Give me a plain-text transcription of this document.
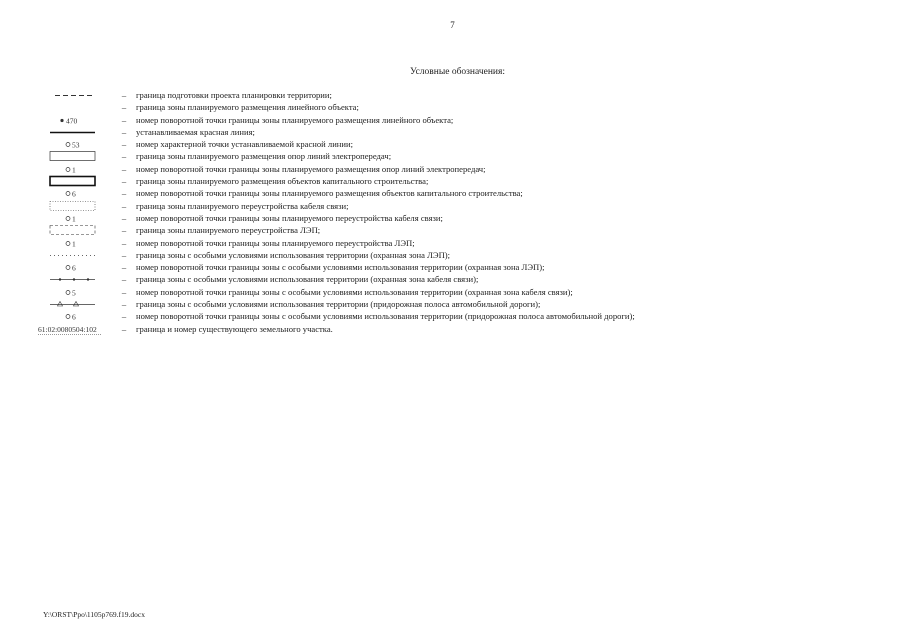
7
Условные обозначения:
– граница подготовки проекта планировки территории;
– граница зоны планируемого размещения линейного объекта;
470	– номер поворотной точки границы зоны планируемого размещения линейного объекта;
– устанавливаемая красная линия;
53	– номер характерной точки устанавливаемой красной линии;
– граница зоны планируемого размещения опор линий электропередач;
1	– номер поворотной точки границы зоны планируемого размещения опор линий электропередач;
– граница зоны планируемого размещения объектов капитального строительства;
6	– номер поворотной точки границы зоны планируемого размещения объектов капитального строительства;
– граница зоны планируемого переустройства кабеля связи;
1	– номер поворотной точки границы зоны планируемого переустройства кабеля связи;
– граница зоны планируемого переустройства ЛЭП;
1	– номер поворотной точки границы зоны планируемого переустройства ЛЭП;
– граница зоны с особыми условиями использования территории (охранная зона ЛЭП);
6	– номер поворотной точки границы зоны с особыми условиями использования территории (охранная зона ЛЭП);
– граница зоны с особыми условиями использования территории (охранная зона кабеля связи);
5	– номер поворотной точки границы зоны с особыми условиями использования территории (охранная зона кабеля связи);
– граница зоны с особыми условиями использования территории (придорожная полоса автомобильной дороги);
6	– номер поворотной точки границы зоны с особыми условиями использования территории (придорожная полоса автомобильной дороги);
61:02:0080504:102	– граница и номер существующего земельного участка.
Y:\ORST\Ppo\1105p769.f19.docx
